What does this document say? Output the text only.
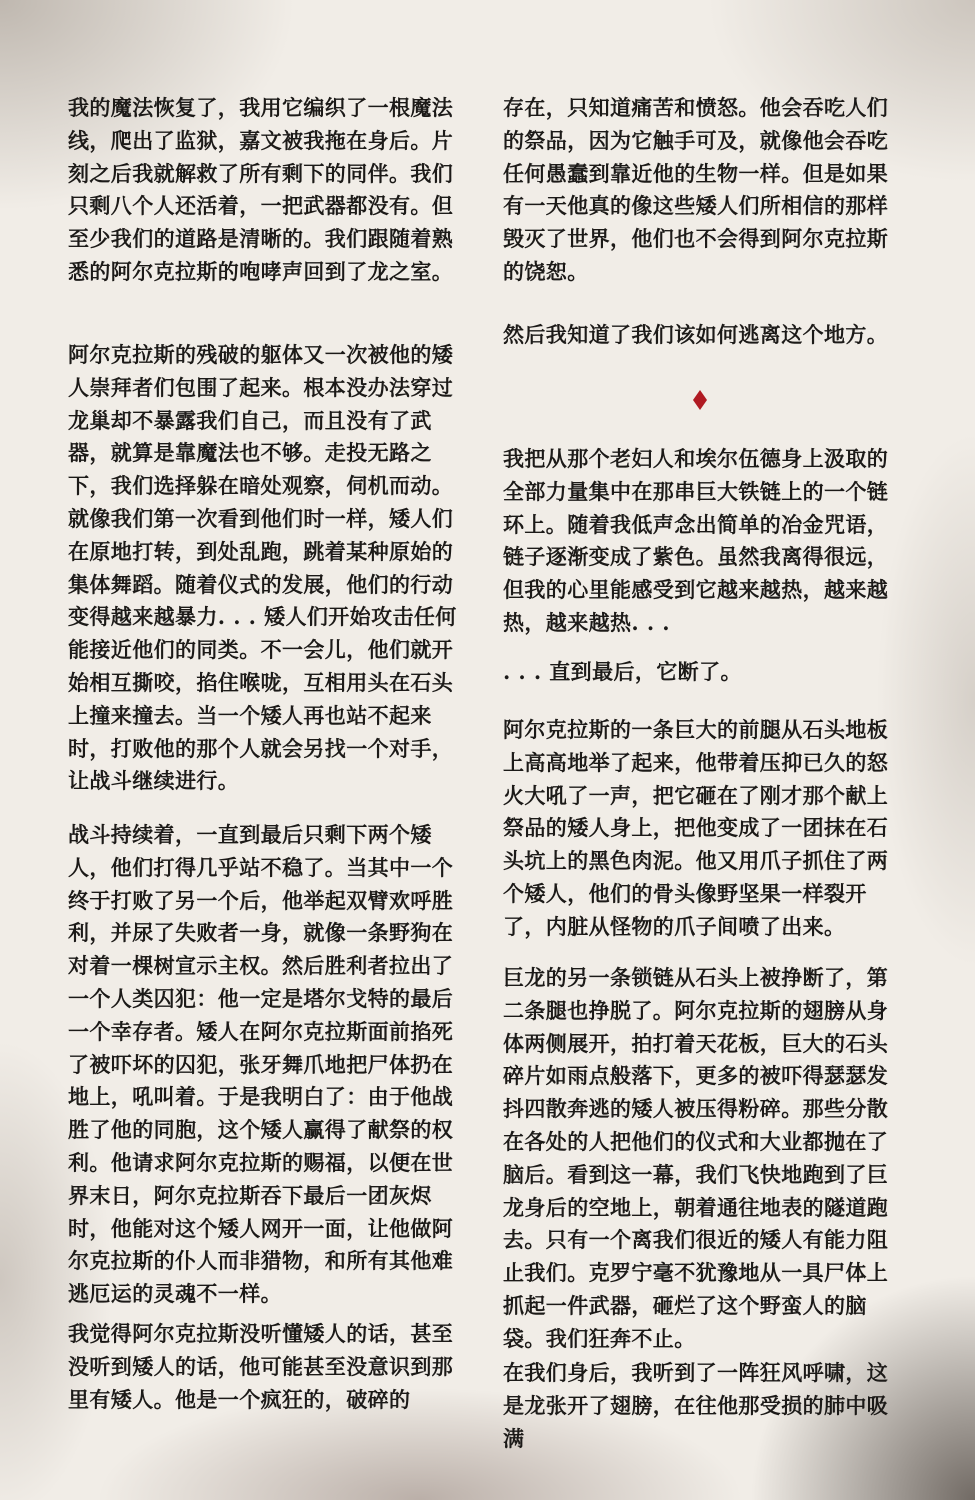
我的魔法恢复了，我用它编织了一根魔法线，爬出了监狱，嘉文被我拖在身后。片刻之后我就解救了所有剩下的同伴。我们只剩八个人还活着，一把武器都没有。但至少我们的道路是清晰的。我们跟随着熟悉的阿尔克拉斯的咆哮声回到了龙之室。

阿尔克拉斯的残破的躯体又一次被他的矮人崇拜者们包围了起来。根本没办法穿过龙巢却不暴露我们自己，而且没有了武器，就算是靠魔法也不够。走投无路之下，我们选择躲在暗处观察，伺机而动。就像我们第一次看到他们时一样，矮人们在原地打转，到处乱跑，跳着某种原始的集体舞蹈。随着仪式的发展，他们的行动变得越来越暴力. . . 矮人们开始攻击任何能接近他们的同类。不一会儿，他们就开始相互撕咬，掐住喉咙，互相用头在石头上撞来撞去。当一个矮人再也站不起来时，打败他的那个人就会另找一个对手，让战斗继续进行。

战斗持续着，一直到最后只剩下两个矮人，他们打得几乎站不稳了。当其中一个终于打败了另一个后，他举起双臂欢呼胜利，并尿了失败者一身，就像一条野狗在对着一棵树宣示主权。然后胜利者拉出了一个人类囚犯：他一定是塔尔戈特的最后一个幸存者。矮人在阿尔克拉斯面前掐死了被吓坏的囚犯，张牙舞爪地把尸体扔在地上，吼叫着。于是我明白了：由于他战胜了他的同胞，这个矮人赢得了献祭的权利。他请求阿尔克拉斯的赐福，以便在世界末日，阿尔克拉斯吞下最后一团灰烬时，他能对这个矮人网开一面，让他做阿尔克拉斯的仆人而非猎物，和所有其他难逃厄运的灵魂不一样。

我觉得阿尔克拉斯没听懂矮人的话，甚至没听到矮人的话，他可能甚至没意识到那里有矮人。他是一个疯狂的，破碎的

存在，只知道痛苦和愤怒。他会吞吃人们的祭品，因为它触手可及，就像他会吞吃任何愚蠢到靠近他的生物一样。但是如果有一天他真的像这些矮人们所相信的那样毁灭了世界，他们也不会得到阿尔克拉斯的饶恕。

然后我知道了我们该如何逃离这个地方。

我把从那个老妇人和埃尔伍德身上汲取的全部力量集中在那串巨大铁链上的一个链环上。随着我低声念出简单的冶金咒语，链子逐渐变成了紫色。虽然我离得很远，但我的心里能感受到它越来越热，越来越热，越来越热. . .

. . . 直到最后，它断了。

阿尔克拉斯的一条巨大的前腿从石头地板上高高地举了起来，他带着压抑已久的怒火大吼了一声，把它砸在了刚才那个献上祭品的矮人身上，把他变成了一团抹在石头坑上的黑色肉泥。他又用爪子抓住了两个矮人，他们的骨头像野坚果一样裂开了，内脏从怪物的爪子间喷了出来。

巨龙的另一条锁链从石头上被挣断了，第二条腿也挣脱了。阿尔克拉斯的翅膀从身体两侧展开，拍打着天花板，巨大的石头碎片如雨点般落下，更多的被吓得瑟瑟发抖四散奔逃的矮人被压得粉碎。那些分散在各处的人把他们的仪式和大业都抛在了脑后。看到这一幕，我们飞快地跑到了巨龙身后的空地上，朝着通往地表的隧道跑去。只有一个离我们很近的矮人有能力阻止我们。克罗宁毫不犹豫地从一具尸体上抓起一件武器，砸烂了这个野蛮人的脑袋。我们狂奔不止。

在我们身后，我听到了一阵狂风呼啸，这是龙张开了翅膀，在往他那受损的肺中吸满
